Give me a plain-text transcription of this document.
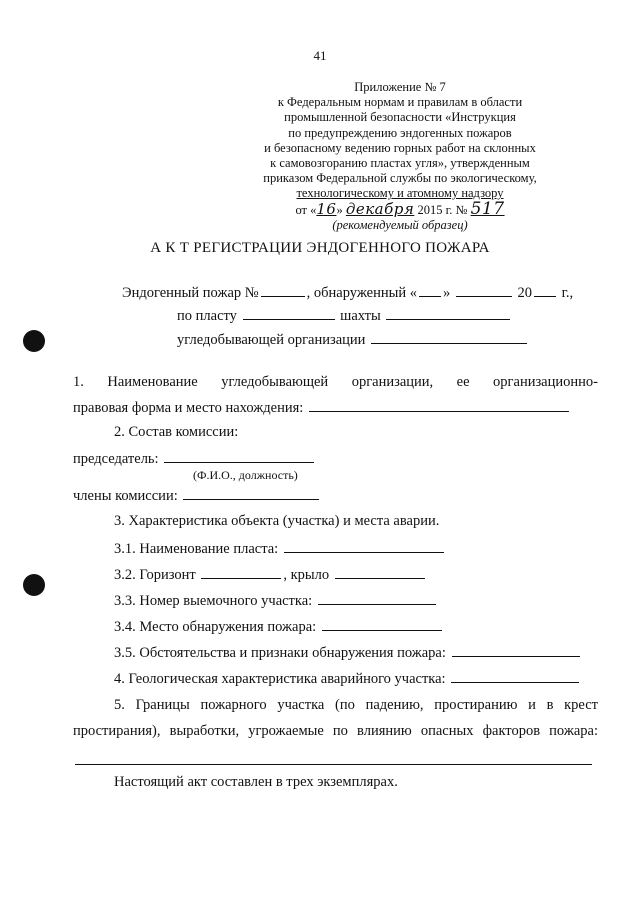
41
Приложение № 7
к Федеральным нормам и правилам в области
промышленной безопасности «Инструкция
по предупреждению эндогенных пожаров
и безопасному ведению горных работ на склонных
к самовозгоранию пластах угля», утвержденным
приказом Федеральной службы по экологическому,
технологическому и атомному надзору
от «16» декабря 2015 г. № 517
(рекомендуемый образец)
А К Т РЕГИСТРАЦИИ ЭНДОГЕННОГО ПОЖАРА
Эндогенный пожар №	, обнаруженный « »	20 г.,
по пласту	шахты
угледобывающей организации
1. Наименование угледобывающей организации, ее организационно-
правовая форма и место нахождения:
2. Состав комиссии:
председатель:
(Ф.И.О., должность)
члены комиссии:
3. Характеристика объекта (участка) и места аварии.
3.1. Наименование пласта:
3.2. Горизонт	, крыло
3.3. Номер выемочного участка:
3.4. Место обнаружения пожара:
3.5. Обстоятельства и признаки обнаружения пожара:
4. Геологическая характеристика аварийного участка:
5. Границы пожарного участка (по падению, простиранию и в крест
простирания), выработки, угрожаемые по влиянию опасных факторов пожара:
Настоящий акт составлен в трех экземплярах.
